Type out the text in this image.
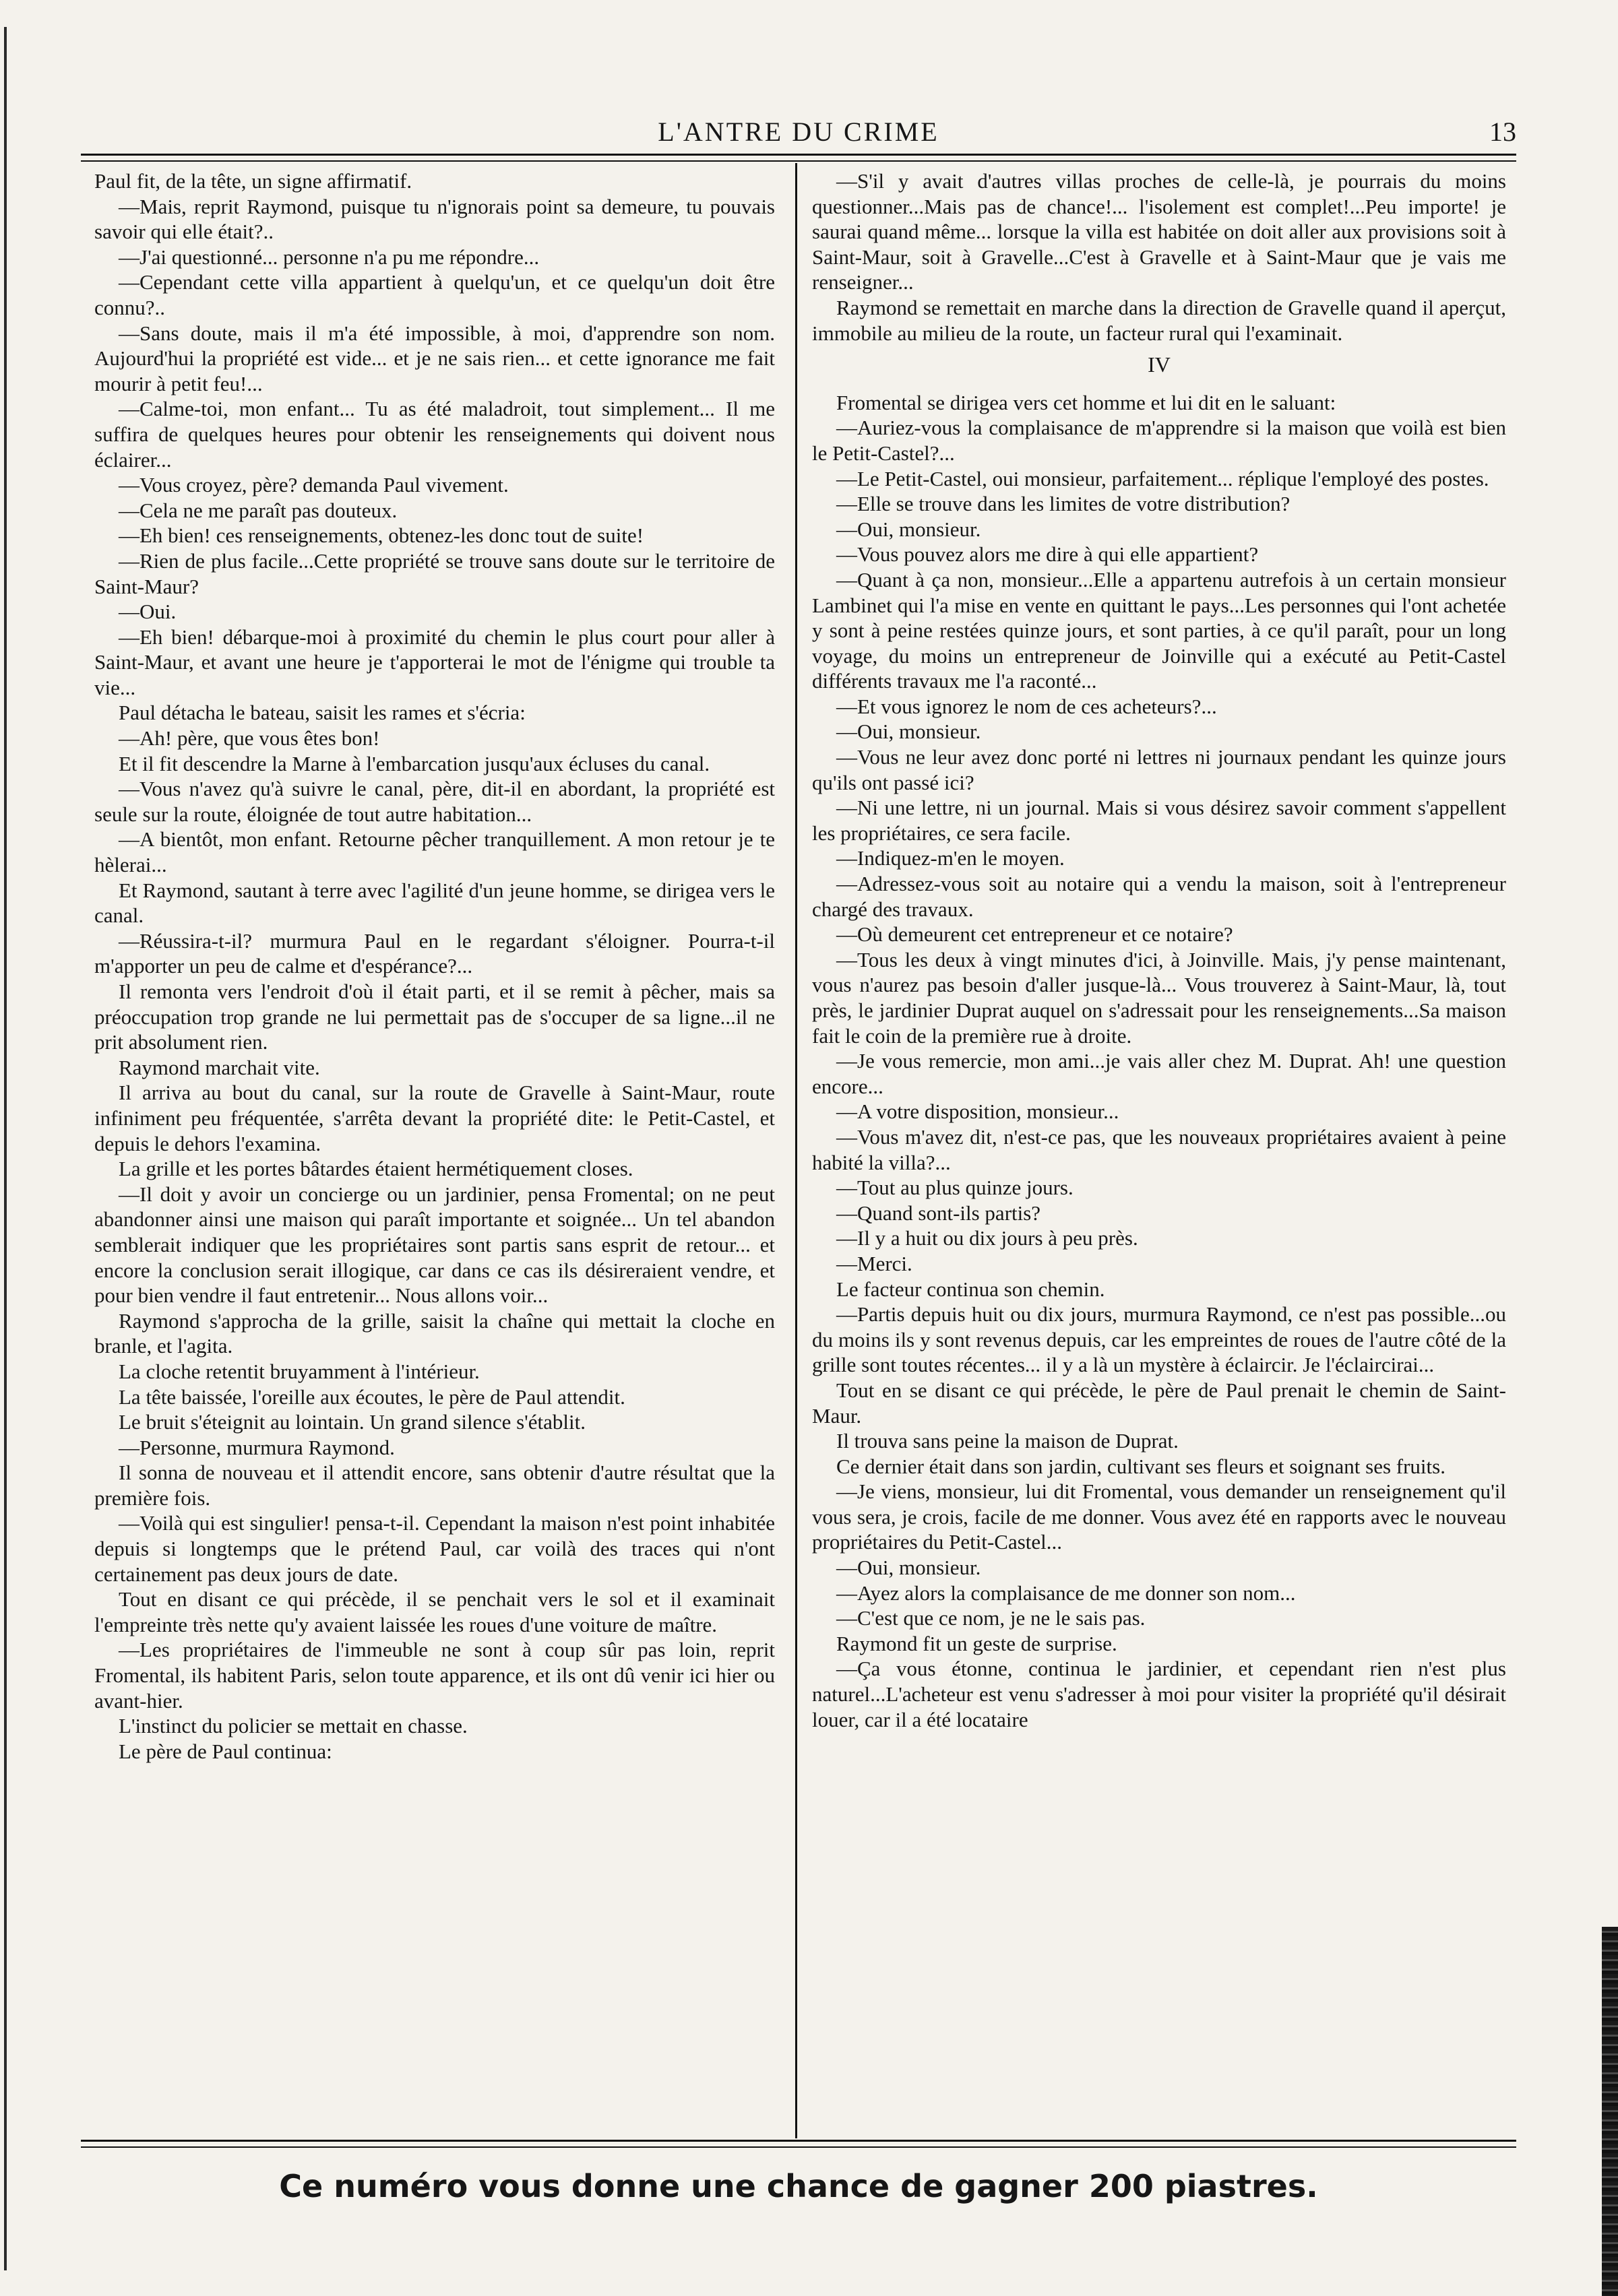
L'ANTRE DU CRIME	13

Paul fit, de la tête, un signe affirmatif.

—Mais, reprit Raymond, puisque tu n'ignorais point sa demeure, tu pouvais savoir qui elle était?..

—J'ai questionné... personne n'a pu me répondre...

—Cependant cette villa appartient à quelqu'un, et ce quelqu'un doit être connu?..

—Sans doute, mais il m'a été impossible, à moi, d'apprendre son nom. Aujourd'hui la propriété est vide... et je ne sais rien... et cette ignorance me fait mourir à petit feu!...

—Calme-toi, mon enfant... Tu as été maladroit, tout simplement... Il me suffira de quelques heures pour obtenir les renseignements qui doivent nous éclairer...

—Vous croyez, père? demanda Paul vivement.

—Cela ne me paraît pas douteux.

—Eh bien! ces renseignements, obtenez-les donc tout de suite!

—Rien de plus facile...Cette propriété se trouve sans doute sur le territoire de Saint-Maur?

—Oui.

—Eh bien! débarque-moi à proximité du chemin le plus court pour aller à Saint-Maur, et avant une heure je t'apporterai le mot de l'énigme qui trouble ta vie...

Paul détacha le bateau, saisit les rames et s'écria:

—Ah! père, que vous êtes bon!

Et il fit descendre la Marne à l'embarcation jusqu'aux écluses du canal.

—Vous n'avez qu'à suivre le canal, père, dit-il en abordant, la propriété est seule sur la route, éloignée de tout autre habitation...

—A bientôt, mon enfant. Retourne pêcher tranquillement. A mon retour je te hèlerai...

Et Raymond, sautant à terre avec l'agilité d'un jeune homme, se dirigea vers le canal.

—Réussira-t-il? murmura Paul en le regardant s'éloigner. Pourra-t-il m'apporter un peu de calme et d'espérance?...

Il remonta vers l'endroit d'où il était parti, et il se remit à pêcher, mais sa préoccupation trop grande ne lui permettait pas de s'occuper de sa ligne...il ne prit absolument rien.

Raymond marchait vite.

Il arriva au bout du canal, sur la route de Gravelle à Saint-Maur, route infiniment peu fréquentée, s'arrêta devant la propriété dite: le Petit-Castel, et depuis le dehors l'examina.

La grille et les portes bâtardes étaient hermétiquement closes.

—Il doit y avoir un concierge ou un jardinier, pensa Fromental; on ne peut abandonner ainsi une maison qui paraît importante et soignée... Un tel abandon semblerait indiquer que les propriétaires sont partis sans esprit de retour... et encore la conclusion serait illogique, car dans ce cas ils désireraient vendre, et pour bien vendre il faut entretenir... Nous allons voir...

Raymond s'approcha de la grille, saisit la chaîne qui mettait la cloche en branle, et l'agita.

La cloche retentit bruyamment à l'intérieur.

La tête baissée, l'oreille aux écoutes, le père de Paul attendit.

Le bruit s'éteignit au lointain. Un grand silence s'établit.

—Personne, murmura Raymond.

Il sonna de nouveau et il attendit encore, sans obtenir d'autre résultat que la première fois.

—Voilà qui est singulier! pensa-t-il. Cependant la maison n'est point inhabitée depuis si longtemps que le prétend Paul, car voilà des traces qui n'ont certainement pas deux jours de date.

Tout en disant ce qui précède, il se penchait vers le sol et il examinait l'empreinte très nette qu'y avaient laissée les roues d'une voiture de maître.

—Les propriétaires de l'immeuble ne sont à coup sûr pas loin, reprit Fromental, ils habitent Paris, selon toute apparence, et ils ont dû venir ici hier ou avant-hier.

L'instinct du policier se mettait en chasse.

Le père de Paul continua:

—S'il y avait d'autres villas proches de celle-là, je pourrais du moins questionner...Mais pas de chance!... l'isolement est complet!...Peu importe! je saurai quand même... lorsque la villa est habitée on doit aller aux provisions soit à Saint-Maur, soit à Gravelle...C'est à Gravelle et à Saint-Maur que je vais me renseigner...

Raymond se remettait en marche dans la direction de Gravelle quand il aperçut, immobile au milieu de la route, un facteur rural qui l'examinait.

IV

Fromental se dirigea vers cet homme et lui dit en le saluant:

—Auriez-vous la complaisance de m'apprendre si la maison que voilà est bien le Petit-Castel?...

—Le Petit-Castel, oui monsieur, parfaitement... réplique l'employé des postes.

—Elle se trouve dans les limites de votre distribution?

—Oui, monsieur.

—Vous pouvez alors me dire à qui elle appartient?

—Quant à ça non, monsieur...Elle a appartenu autrefois à un certain monsieur Lambinet qui l'a mise en vente en quittant le pays...Les personnes qui l'ont achetée y sont à peine restées quinze jours, et sont parties, à ce qu'il paraît, pour un long voyage, du moins un entrepreneur de Joinville qui a exécuté au Petit-Castel différents travaux me l'a raconté...

—Et vous ignorez le nom de ces acheteurs?...

—Oui, monsieur.

—Vous ne leur avez donc porté ni lettres ni journaux pendant les quinze jours qu'ils ont passé ici?

—Ni une lettre, ni un journal. Mais si vous désirez savoir comment s'appellent les propriétaires, ce sera facile.

—Indiquez-m'en le moyen.

—Adressez-vous soit au notaire qui a vendu la maison, soit à l'entrepreneur chargé des travaux.

—Où demeurent cet entrepreneur et ce notaire?

—Tous les deux à vingt minutes d'ici, à Joinville. Mais, j'y pense maintenant, vous n'aurez pas besoin d'aller jusque-là... Vous trouverez à Saint-Maur, là, tout près, le jardinier Duprat auquel on s'adressait pour les renseignements...Sa maison fait le coin de la première rue à droite.

—Je vous remercie, mon ami...je vais aller chez M. Duprat. Ah! une question encore...

—A votre disposition, monsieur...

—Vous m'avez dit, n'est-ce pas, que les nouveaux propriétaires avaient à peine habité la villa?...

—Tout au plus quinze jours.

—Quand sont-ils partis?

—Il y a huit ou dix jours à peu près.

—Merci.

Le facteur continua son chemin.

—Partis depuis huit ou dix jours, murmura Raymond, ce n'est pas possible...ou du moins ils y sont revenus depuis, car les empreintes de roues de l'autre côté de la grille sont toutes récentes... il y a là un mystère à éclaircir. Je l'éclaircirai...

Tout en se disant ce qui précède, le père de Paul prenait le chemin de Saint-Maur.

Il trouva sans peine la maison de Duprat.

Ce dernier était dans son jardin, cultivant ses fleurs et soignant ses fruits.

—Je viens, monsieur, lui dit Fromental, vous demander un renseignement qu'il vous sera, je crois, facile de me donner. Vous avez été en rapports avec le nouveau propriétaires du Petit-Castel...

—Oui, monsieur.

—Ayez alors la complaisance de me donner son nom...

—C'est que ce nom, je ne le sais pas.

Raymond fit un geste de surprise.

—Ça vous étonne, continua le jardinier, et cependant rien n'est plus naturel...L'acheteur est venu s'adresser à moi pour visiter la propriété qu'il désirait louer, car il a été locataire

Ce numéro vous donne une chance de gagner 200 piastres.
